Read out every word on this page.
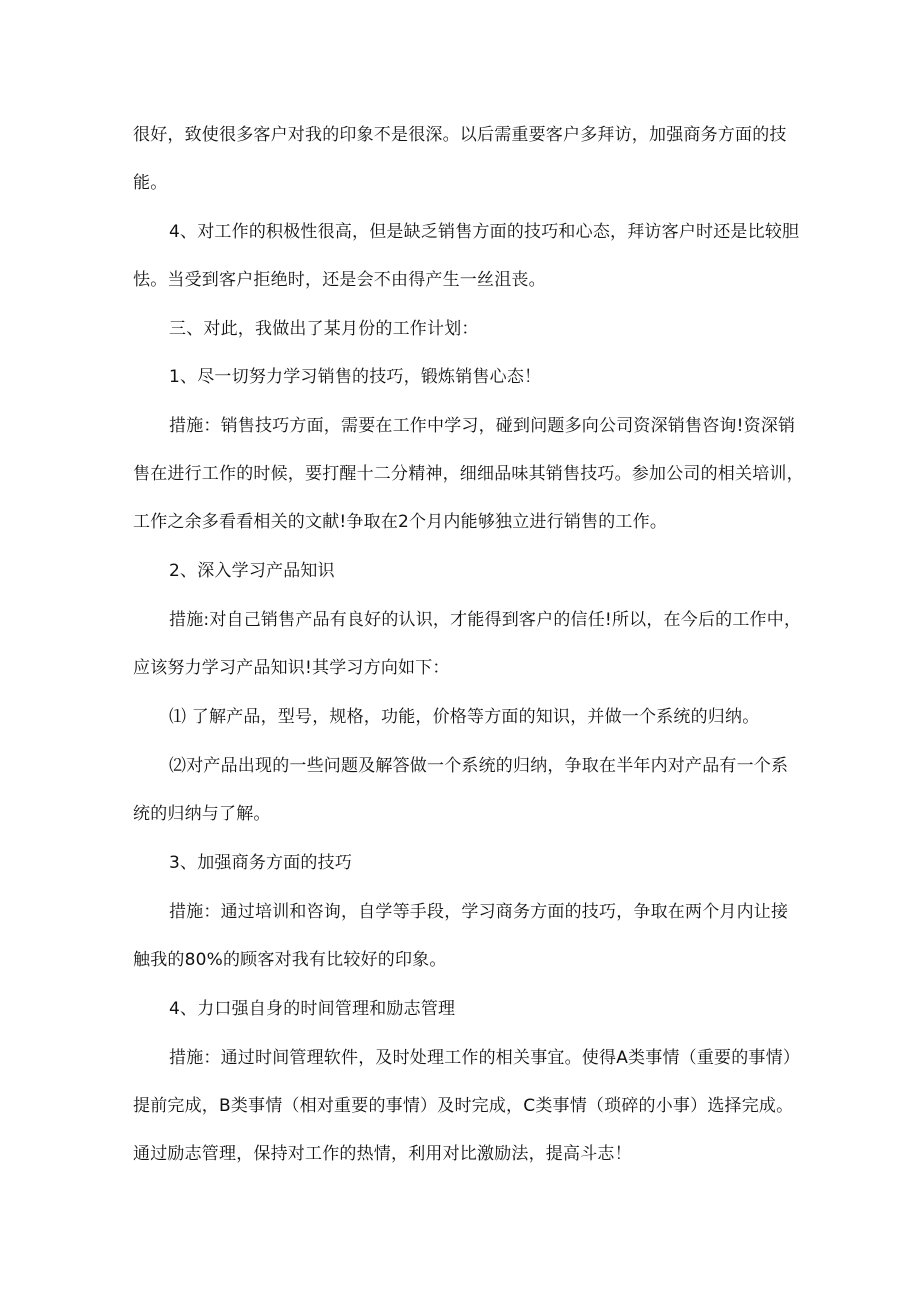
很好，致使很多客户对我的印象不是很深。以后需重要客户多拜访，加强商务方面的技
能。

4、对工作的积极性很高，但是缺乏销售方面的技巧和心态，拜访客户时还是比较胆
怯。当受到客户拒绝时，还是会不由得产生一丝沮丧。

三、对此，我做出了某月份的工作计划：

1、尽一切努力学习销售的技巧，锻炼销售心态！

措施：销售技巧方面，需要在工作中学习，碰到问题多向公司资深销售咨询!资深销
售在进行工作的时候，要打醒十二分精神，细细品味其销售技巧。参加公司的相关培训，
工作之余多看看相关的文献!争取在2个月内能够独立进行销售的工作。

2、深入学习产品知识

措施:对自己销售产品有良好的认识，才能得到客户的信任!所以，在今后的工作中，
应该努力学习产品知识!其学习方向如下：

⑴ 了解产品，型号，规格，功能，价格等方面的知识，并做一个系统的归纳。

⑵对产品出现的一些问题及解答做一个系统的归纳，争取在半年内对产品有一个系
统的归纳与了解。

3、加强商务方面的技巧

措施：通过培训和咨询，自学等手段，学习商务方面的技巧，争取在两个月内让接
触我的80%的顾客对我有比较好的印象。

4、力口强自身的时间管理和励志管理

措施：通过时间管理软件，及时处理工作的相关事宜。使得A类事情（重要的事情）
提前完成，B类事情（相对重要的事情）及时完成，C类事情（琐碎的小事）选择完成。
通过励志管理，保持对工作的热情，利用对比激励法，提高斗志！
